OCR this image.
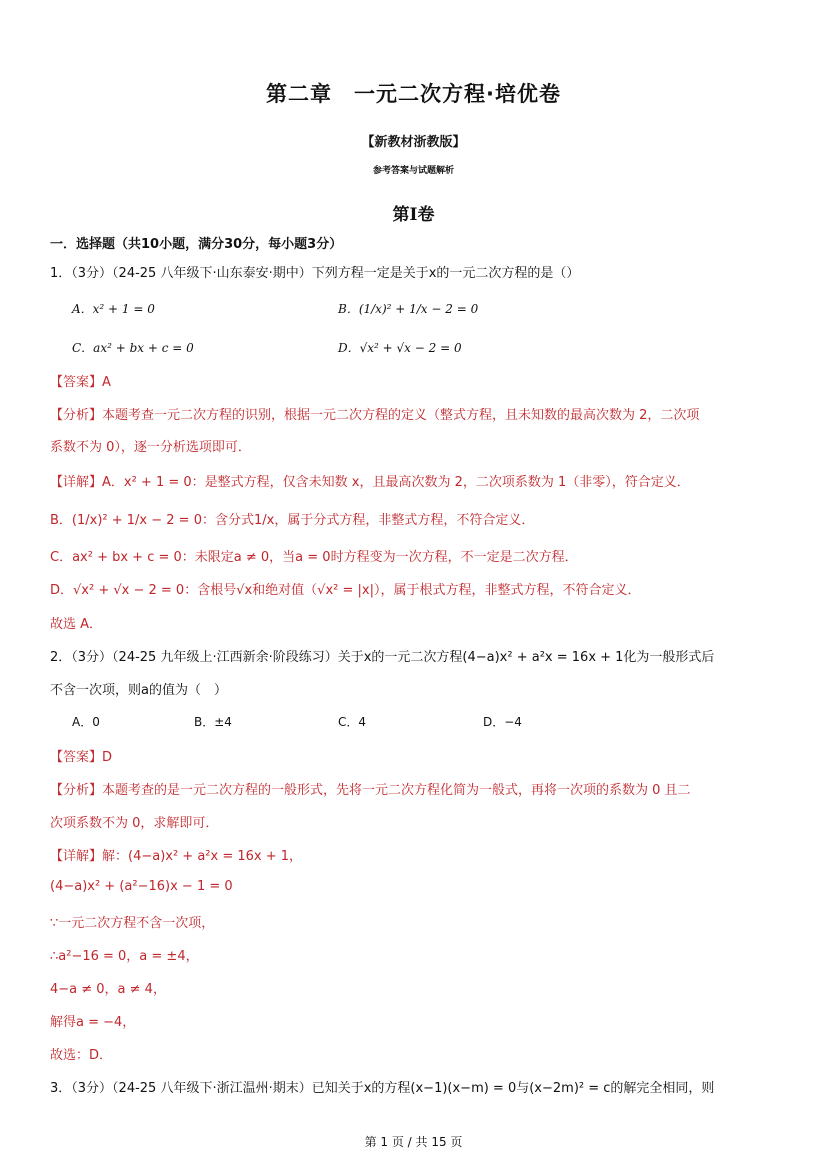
第二章　一元二次方程·培优卷
【新教材浙教版】
参考答案与试题解析
第Ⅰ卷
一．选择题（共10小题，满分30分，每小题3分）
1．（3分）（24-25 八年级下·山东泰安·期中）下列方程一定是关于x的一元二次方程的是（）
A．x² + 1 = 0	B．(1/x)² + 1/x − 2 = 0
C．ax² + bx + c = 0	D．√x² + √x − 2 = 0
【答案】A
【分析】本题考查一元二次方程的识别，根据一元二次方程的定义（整式方程，且未知数的最高次数为 2，二次项
系数不为 0），逐一分析选项即可．
【详解】A．x² + 1 = 0：是整式方程，仅含未知数 x，且最高次数为 2，二次项系数为 1（非零），符合定义．
B．(1/x)² + 1/x − 2 = 0：含分式1/x，属于分式方程，非整式方程，不符合定义．
C．ax² + bx + c = 0：未限定a ≠ 0，当a = 0时方程变为一次方程，不一定是二次方程．
D．√x² + √x − 2 = 0：含根号√x和绝对值（√x² = |x|），属于根式方程，非整式方程，不符合定义．
故选 A．
2．（3分）（24-25 九年级上·江西新余·阶段练习）关于x的一元二次方程(4−a)x² + a²x = 16x + 1化为一般形式后
不含一次项，则a的值为（　）
A．0	B．±4	C．4	D．−4
【答案】D
【分析】本题考查的是一元二次方程的一般形式，先将一元二次方程化简为一般式，再将一次项的系数为 0 且二
次项系数不为 0，求解即可．
【详解】解：(4−a)x² + a²x = 16x + 1，
(4−a)x² + (a²−16)x − 1 = 0
∵一元二次方程不含一次项，
∴a²−16 = 0，a = ±4，
4−a ≠ 0，a ≠ 4，
解得a = −4，
故选：D．
3．（3分）（24-25 八年级下·浙江温州·期末）已知关于x的方程(x−1)(x−m) = 0与(x−2m)² = c的解完全相同，则
第 1 页 / 共 15 页
